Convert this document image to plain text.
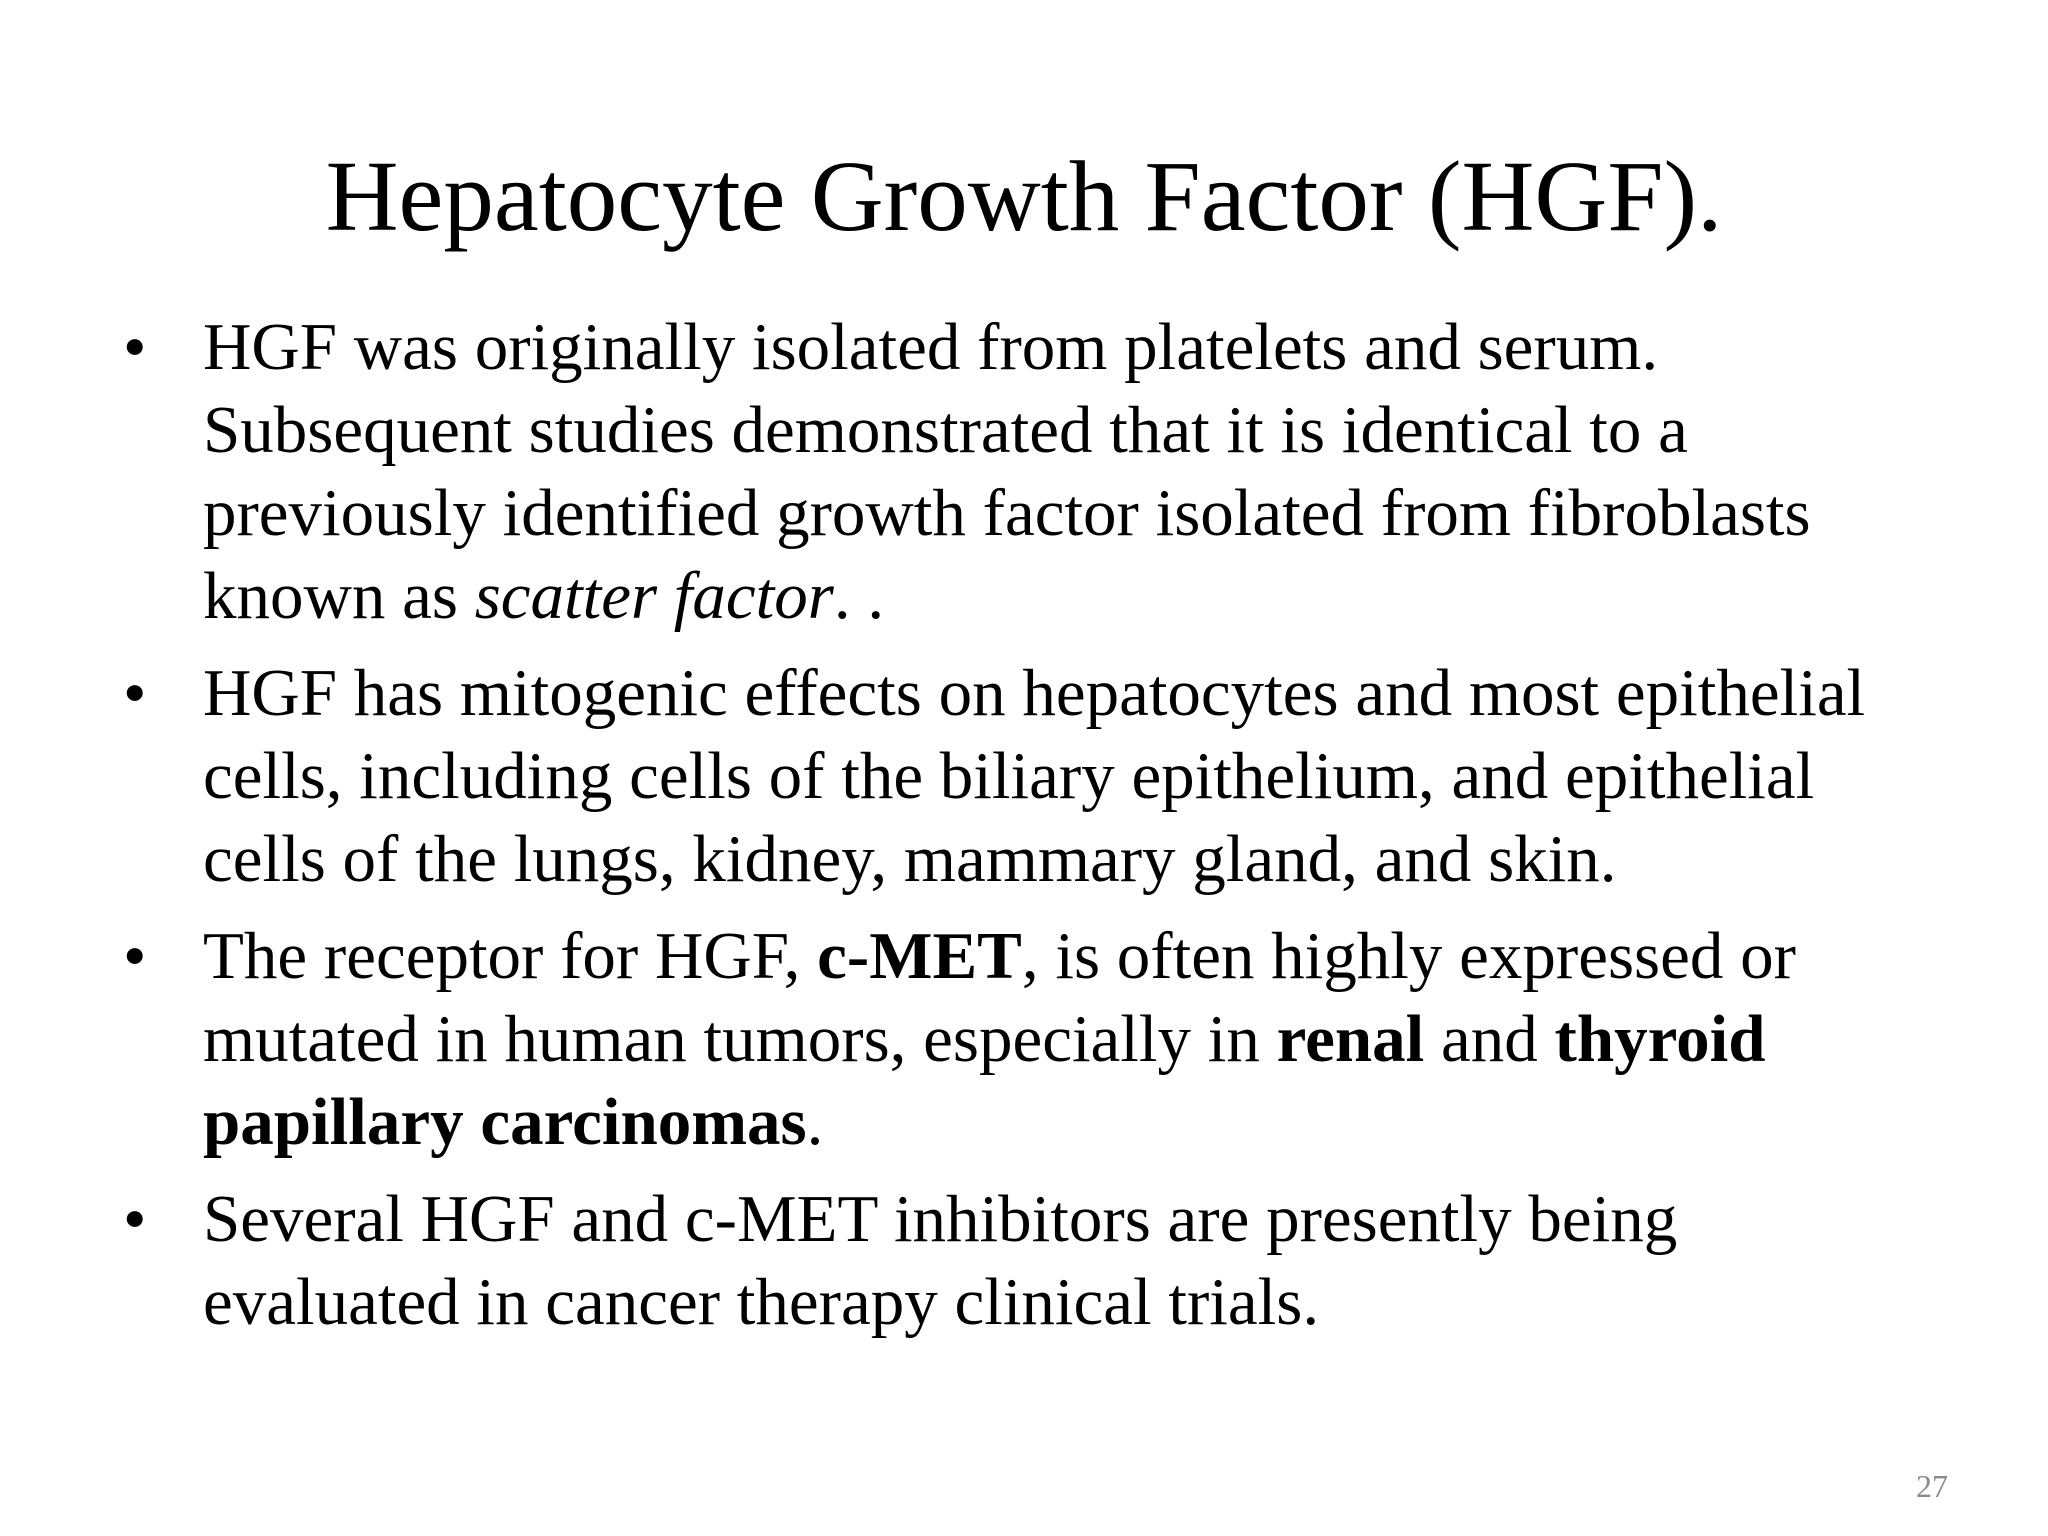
Hepatocyte Growth Factor (HGF).
• HGF was originally isolated from platelets and serum.
Subsequent studies demonstrated that it is identical to a
previously identified growth factor isolated from fibroblasts
known as scatter factor. .
• HGF has mitogenic effects on hepatocytes and most epithelial
cells, including cells of the biliary epithelium, and epithelial
cells of the lungs, kidney, mammary gland, and skin.
• The receptor for HGF, c-MET, is often highly expressed or
mutated in human tumors, especially in renal and thyroid
papillary carcinomas.
• Several HGF and c-MET inhibitors are presently being
evaluated in cancer therapy clinical trials.
27
